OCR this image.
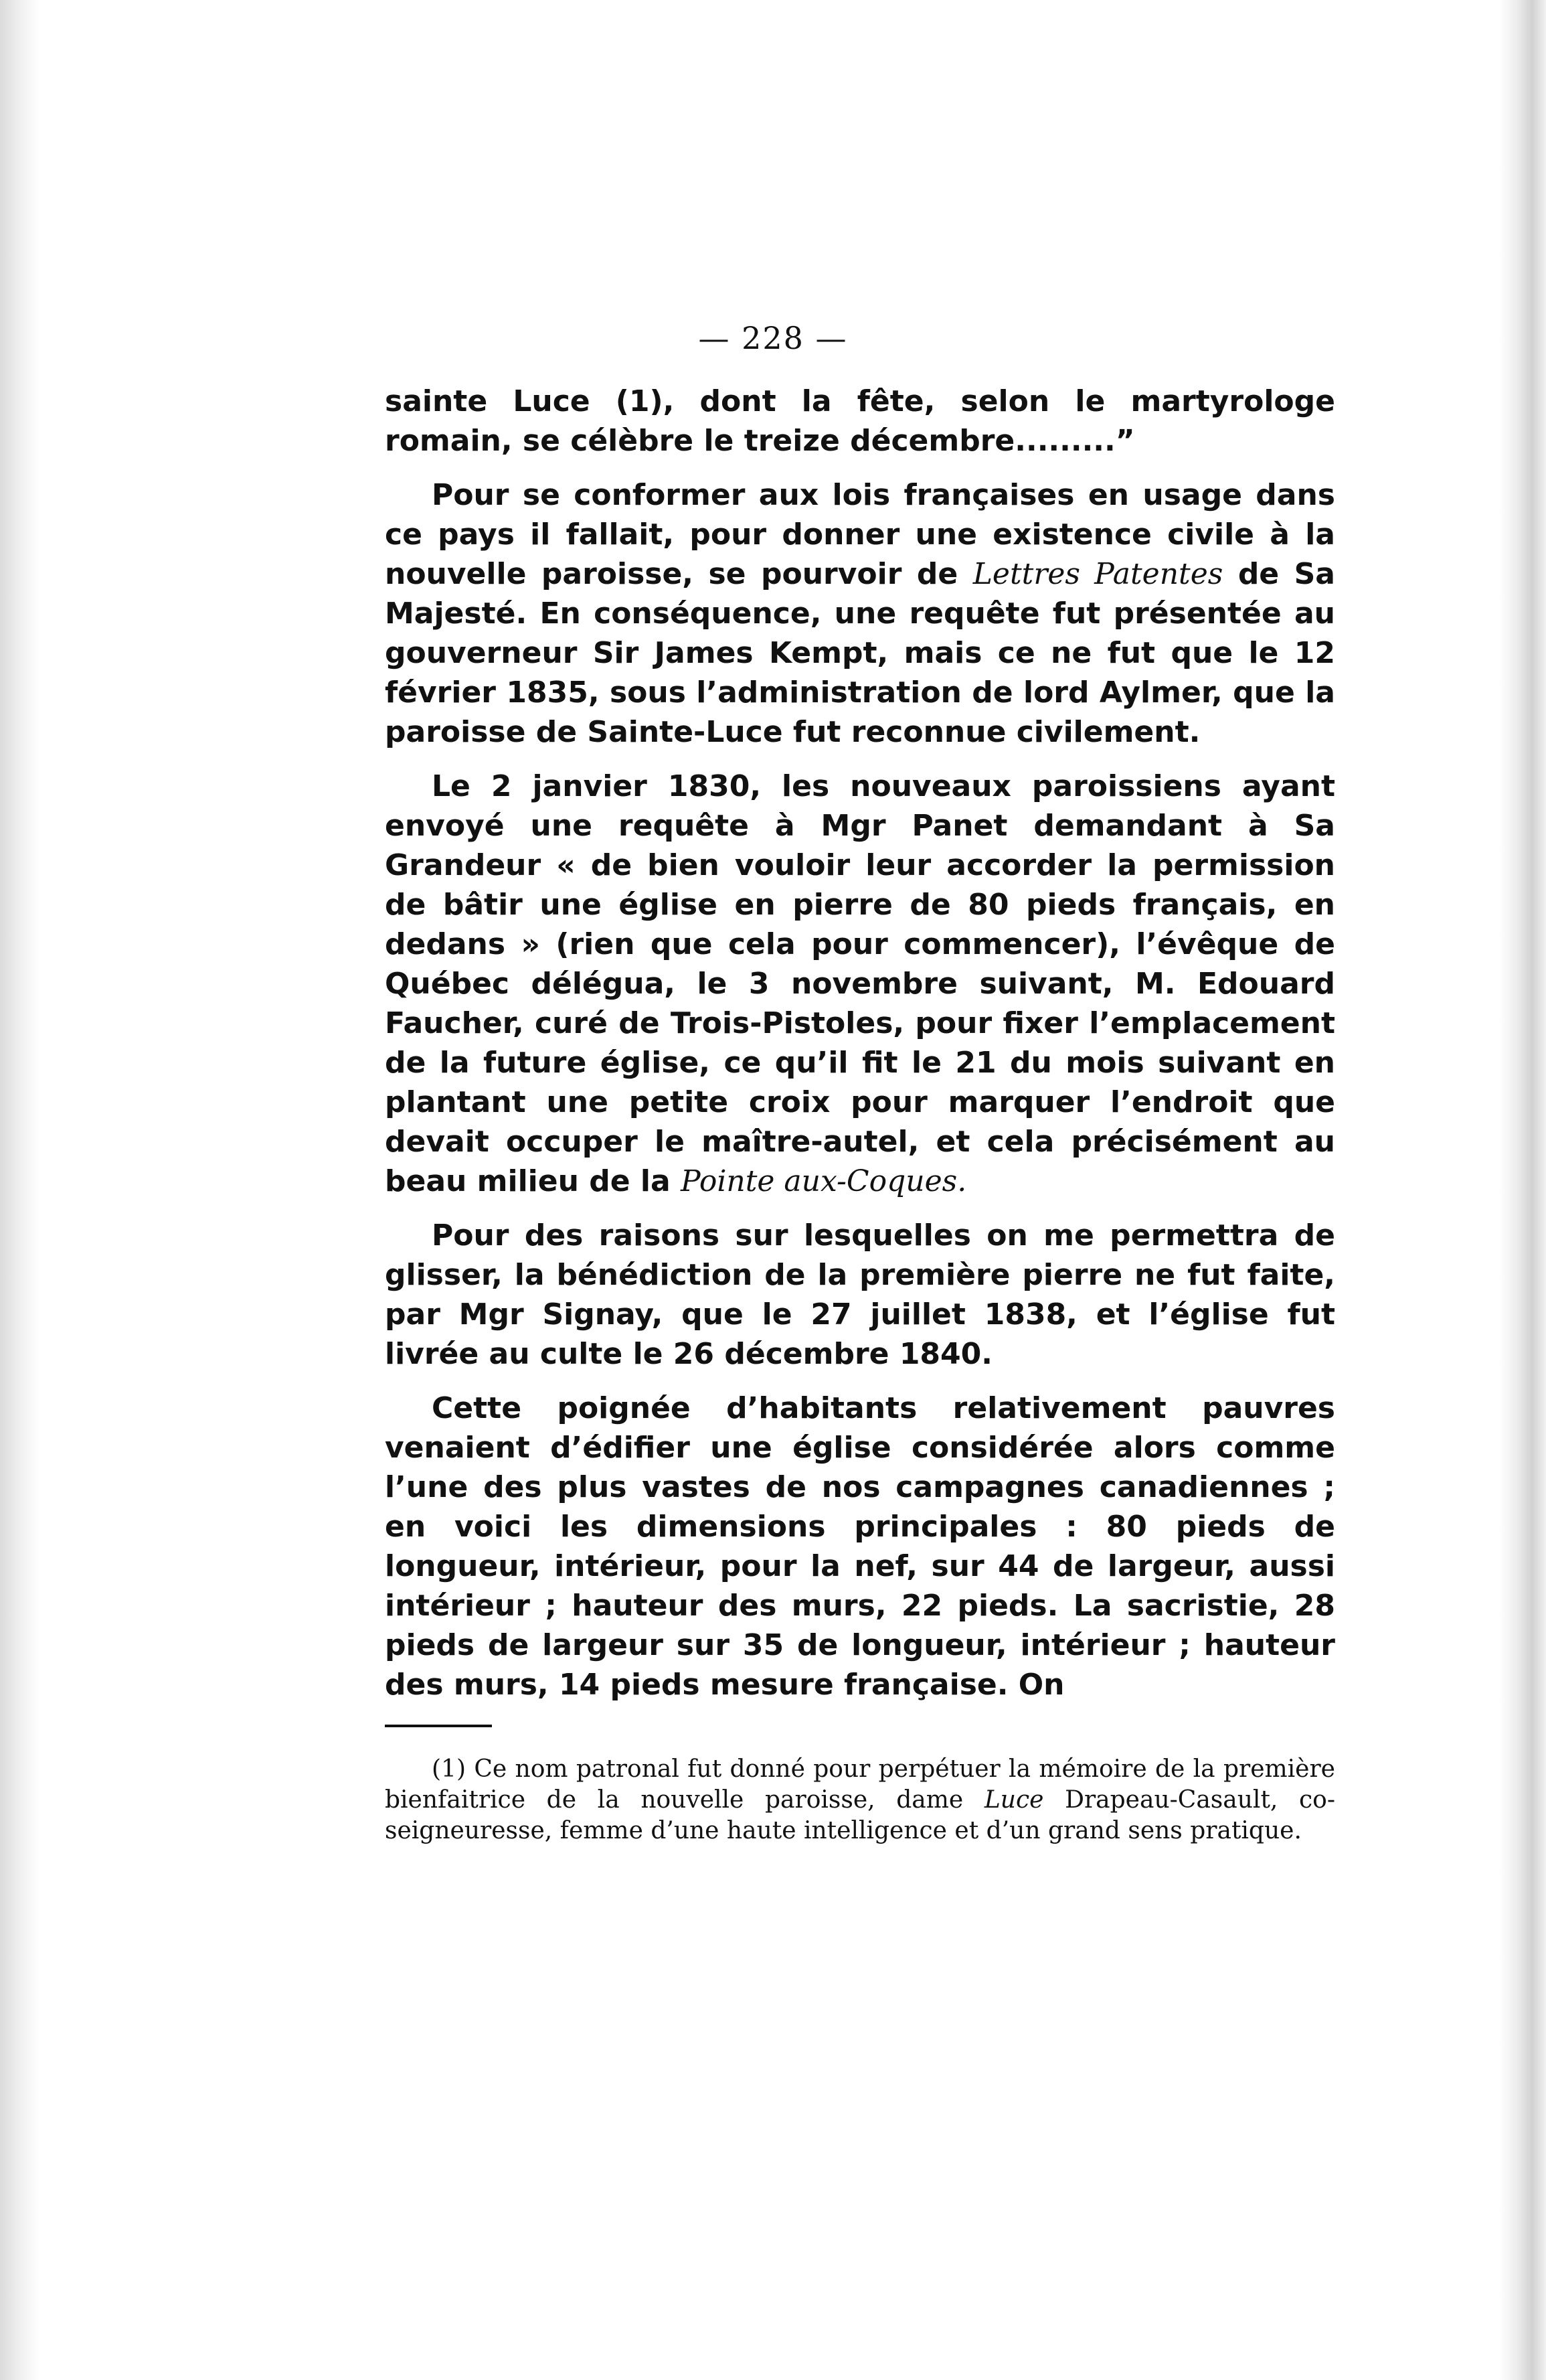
— 228 —

sainte Luce (1), dont la fête, selon le martyrologe romain, se célèbre le treize décembre.........”

Pour se conformer aux lois françaises en usage dans ce pays il fallait, pour donner une existence civile à la nouvelle paroisse, se pourvoir de Lettres Patentes de Sa Majesté. En conséquence, une requête fut présentée au gouverneur Sir James Kempt, mais ce ne fut que le 12 février 1835, sous l’administration de lord Aylmer, que la paroisse de Sainte-Luce fut reconnue civilement.

Le 2 janvier 1830, les nouveaux paroissiens ayant envoyé une requête à Mgr Panet demandant à Sa Grandeur « de bien vouloir leur accorder la permission de bâtir une église en pierre de 80 pieds français, en dedans » (rien que cela pour commencer), l’évêque de Québec délégua, le 3 novembre suivant, M. Edouard Faucher, curé de Trois-Pistoles, pour fixer l’emplacement de la future église, ce qu’il fit le 21 du mois suivant en plantant une petite croix pour marquer l’endroit que devait occuper le maître-autel, et cela précisément au beau milieu de la Pointe aux-Coques.

Pour des raisons sur lesquelles on me permettra de glisser, la bénédiction de la première pierre ne fut faite, par Mgr Signay, que le 27 juillet 1838, et l’église fut livrée au culte le 26 décembre 1840.

Cette poignée d’habitants relativement pauvres venaient d’édifier une église considérée alors comme l’une des plus vastes de nos campagnes canadiennes ; en voici les dimensions principales : 80 pieds de longueur, intérieur, pour la nef, sur 44 de largeur, aussi intérieur ; hauteur des murs, 22 pieds. La sacristie, 28 pieds de largeur sur 35 de longueur, intérieur ; hauteur des murs, 14 pieds mesure française. On

(1) Ce nom patronal fut donné pour perpétuer la mémoire de la première bienfaitrice de la nouvelle paroisse, dame Luce Drapeau-Casault, co-seigneuresse, femme d’une haute intelligence et d’un grand sens pratique.
